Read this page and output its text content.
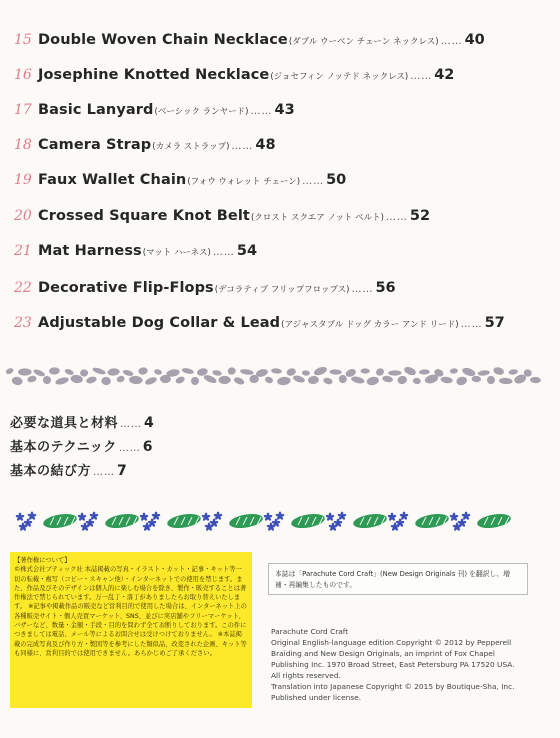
15 Double Woven Chain Necklace (ダブル ウーベン チェーン ネックレス) …… 40
16 Josephine Knotted Necklace (ジョセフィン ノッテド ネックレス) …… 42
17 Basic Lanyard (ベーシック ランヤード) …… 43
18 Camera Strap (カメラ ストラップ) …… 48
19 Faux Wallet Chain (フォウ ウォレット チェーン) …… 50
20 Crossed Square Knot Belt (クロスト スクエア ノット ベルト) …… 52
21 Mat Harness (マット ハーネス) …… 54
22 Decorative Flip-Flops (デコラティブ フリップフロップス) …… 56
23 Adjustable Dog Collar & Lead (アジャスタブル ドッグ カラー アンド リード) …… 57
必要な道具と材料 …… 4
基本のテクニック …… 6
基本の結び方 …… 7
【著作権について】
©株式会社ブティック社 本誌掲載の写真・イラスト・カット・記事・キット等一切の転載・複写（コピー・スキャン他）・インターネットでの使用を禁じます。また、作品及びそのデザインは個人的に楽しむ場合を除き、製作・販売することは著作権法で禁じられています。万一乱丁・落丁がありましたらお取り替えいたします。 ※記事や掲載作品の販売など営利目的で使用した場合は、インターネット上の各種販売サイト・個人売買マーケット、SNS、並びに実店舗やフリーマーケット、バザーなど、数量・金額・手段・目的を問わず全てお断りしております。この件につきましては電話、メール等によるお問合せは受けつけておりません。 ※本誌掲載の完成写真及び作り方・製図等を参考にした類似品、改変された企画、キット等も同様に、営利目的では使用できません。あらかじめご了承ください。
本誌は「Parachute Cord Craft」(New Design Originals 刊) を翻訳し、増補・再編集したものです。
Parachute Cord Craft
Original English-language edition Copyright © 2012 by Pepperell
Braiding and New Design Originals, an imprint of Fox Chapel
Publishing Inc. 1970 Broad Street, East Petersburg PA 17520 USA.
All rights reserved.
Translation into Japanese Copyright © 2015 by Boutique-Sha, Inc.
Published under license.
